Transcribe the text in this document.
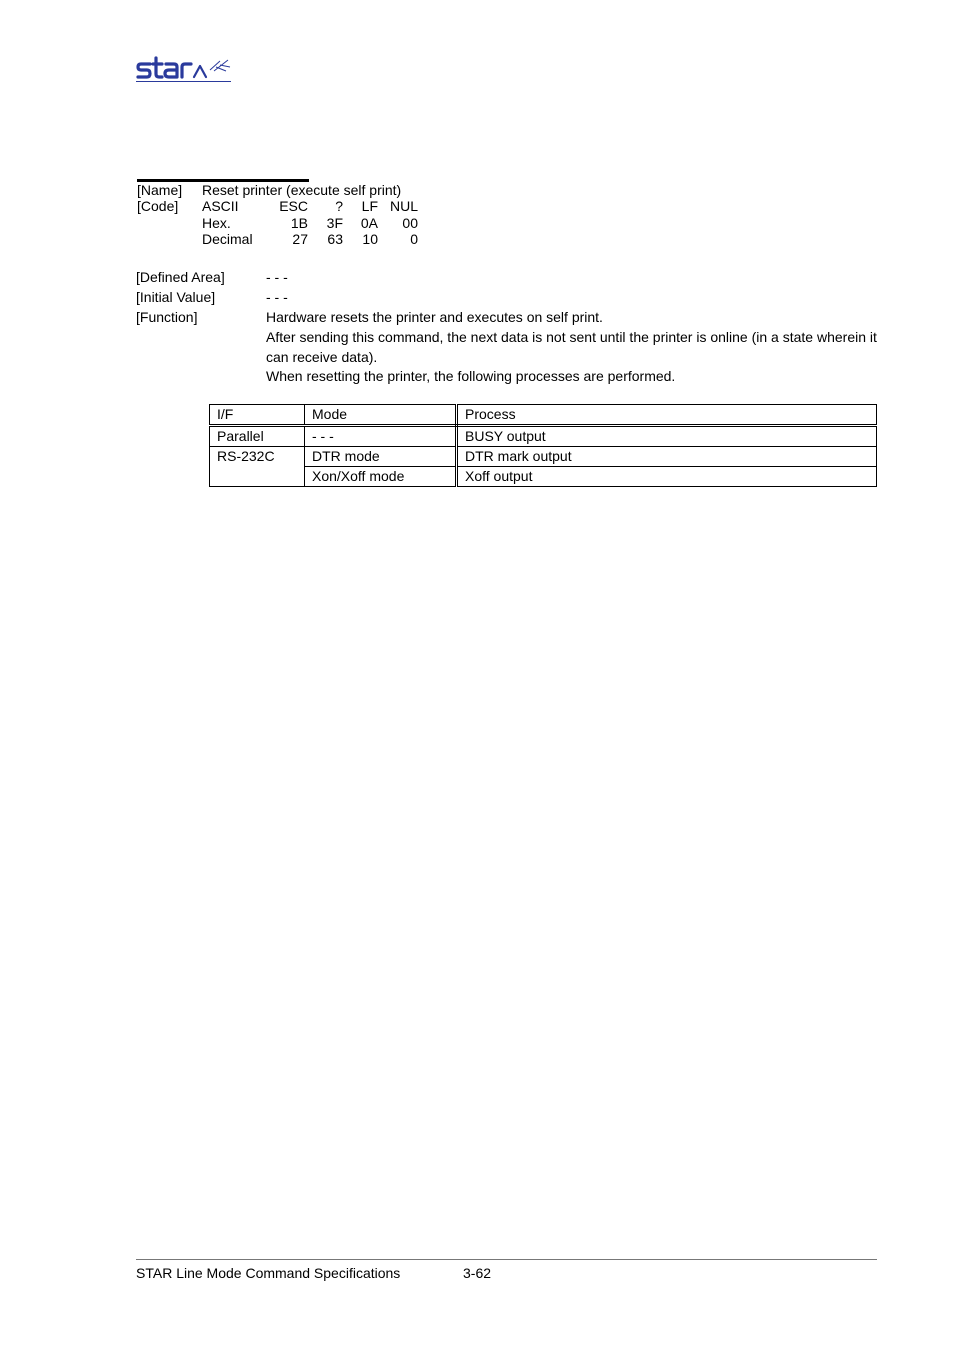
[Name] Reset printer (execute self print)
[Code] ASCII	ESC	?	LF NUL
Hex.	1B	3F	0A	00
Decimal	27	63	10	0
[Defined Area]	- - -
[Initial Value]	- - -
[Function]	Hardware resets the printer and executes on self print.
After sending this command, the next data is not sent until the printer is online (in a state wherein it
can receive data).
When resetting the printer, the following processes are performed.
I/F	Mode	Process
Parallel	- - -	BUSY output
RS-232C	DTR mode	DTR mark output
	Xon/Xoff mode	Xoff output
STAR Line Mode Command Specifications	3-62
